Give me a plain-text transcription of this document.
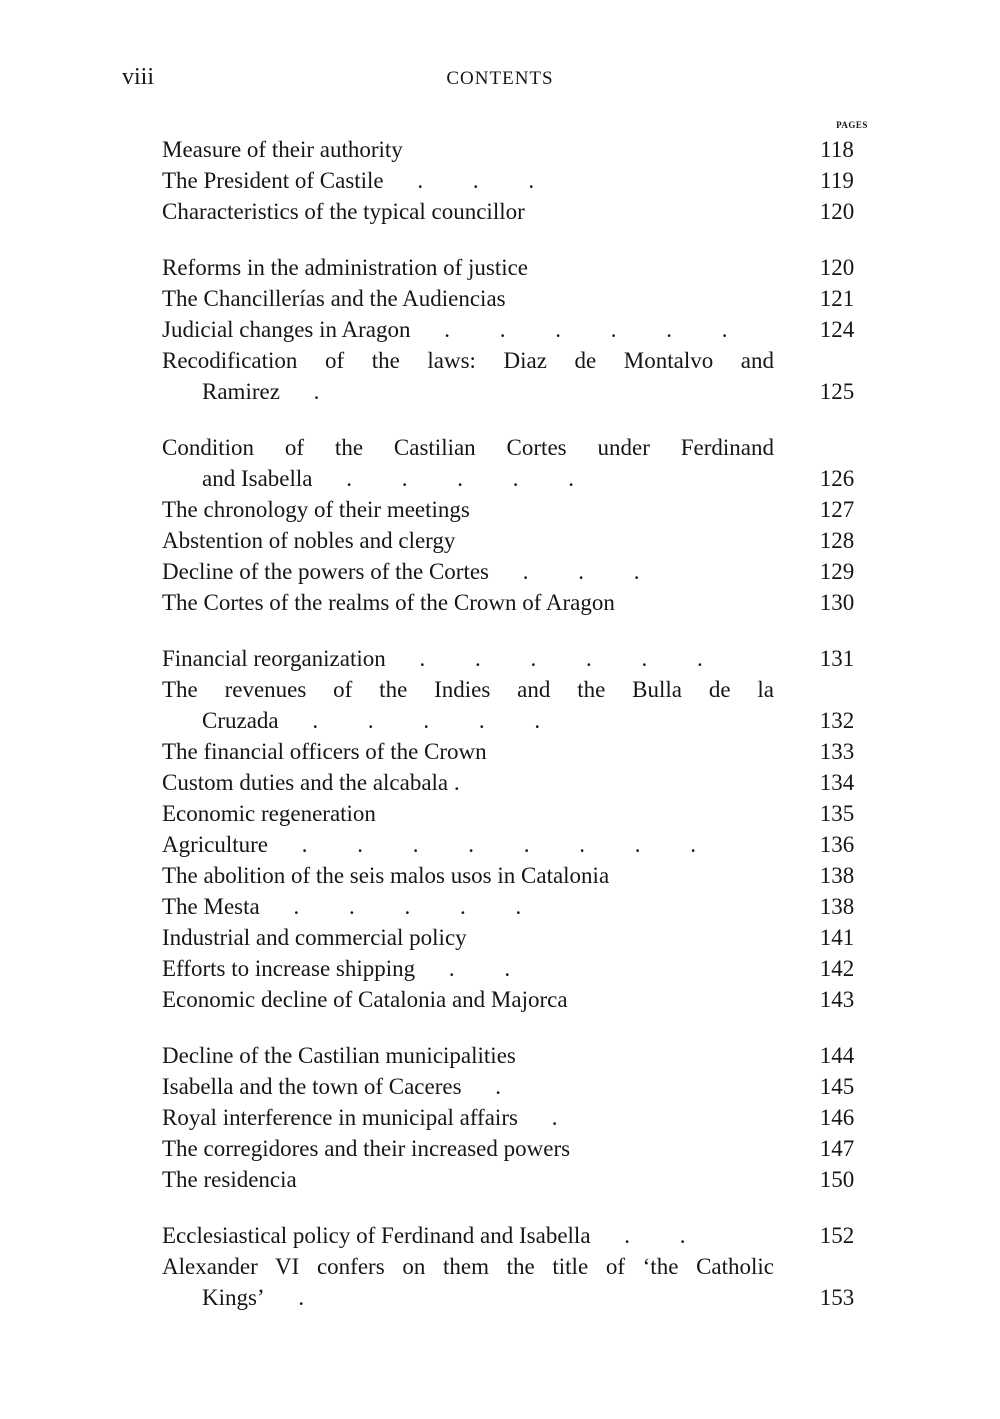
viii	CONTENTS
PAGES
Measure of their authority	118
The President of Castile . . .	119
Characteristics of the typical councillor	120
Reforms in the administration of justice	120
The Chancillerías and the Audiencias	121
Judicial changes in Aragon . . . . . .	124
Recodification of the laws: Diaz de Montalvo and
Ramirez .	125
Condition of the Castilian Cortes under Ferdinand
and Isabella . . . . .	126
The chronology of their meetings	127
Abstention of nobles and clergy	128
Decline of the powers of the Cortes . . .	129
The Cortes of the realms of the Crown of Aragon	130
Financial reorganization . . . . . .	131
The revenues of the Indies and the Bulla de la
Cruzada . . . . .	132
The financial officers of the Crown	133
Custom duties and the alcabala .	134
Economic regeneration	135
Agriculture . . . . . . . .	136
The abolition of the seis malos usos in Catalonia	138
The Mesta . . . . .	138
Industrial and commercial policy	141
Efforts to increase shipping . .	142
Economic decline of Catalonia and Majorca	143
Decline of the Castilian municipalities	144
Isabella and the town of Caceres .	145
Royal interference in municipal affairs .	146
The corregidores and their increased powers	147
The residencia	150
Ecclesiastical policy of Ferdinand and Isabella . .	152
Alexander VI confers on them the title of ‘the Catholic
Kings’ .	153
